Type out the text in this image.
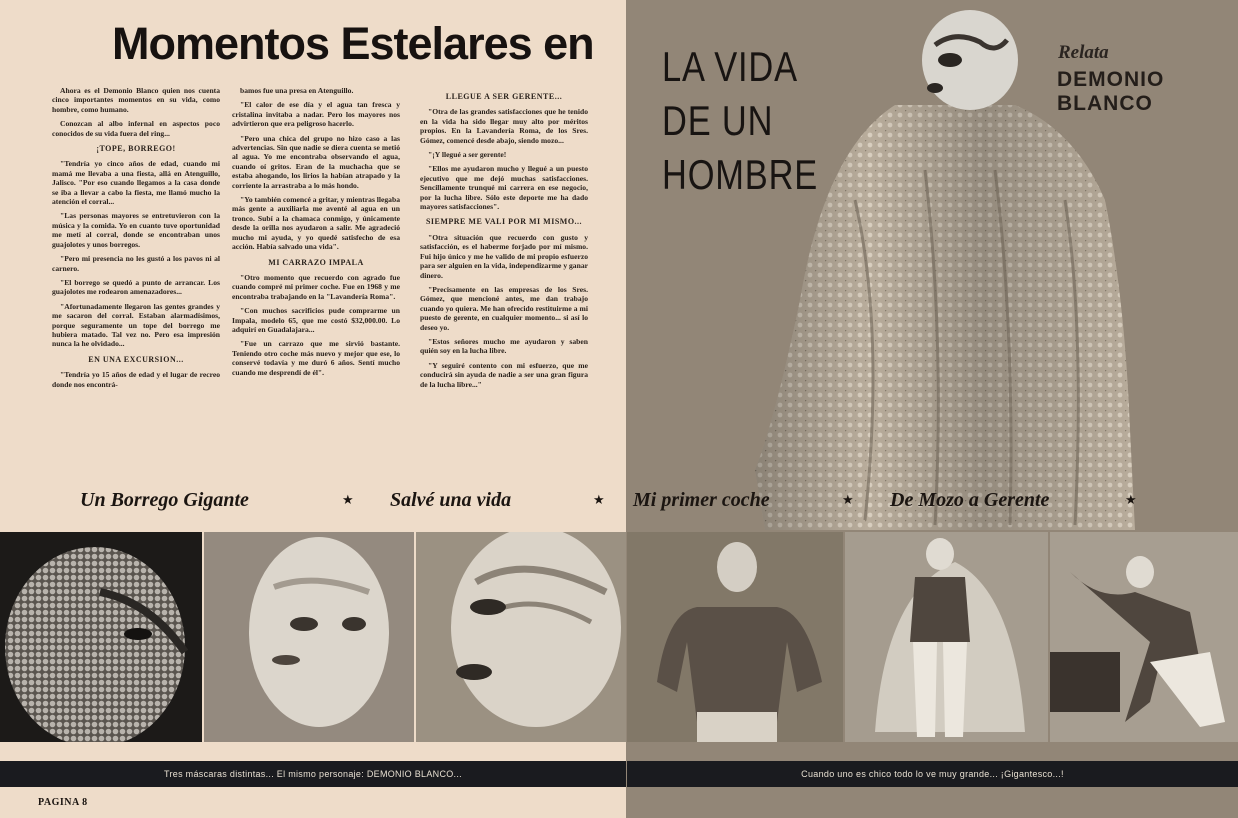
Momentos Estelares en

Ahora es el Demonio Blanco quien nos cuenta cinco importantes momentos en su vida, como hombre, como humano.

Conozcan al albo infernal en aspectos poco conocidos de su vida fuera del ring...

¡TOPE, BORREGO!

"Tendría yo cinco años de edad, cuando mi mamá me llevaba a una fiesta, allá en Atenguillo, Jalisco. "Por eso cuando llegamos a la casa donde se iba a llevar a cabo la fiesta, me llamó mucho la atención el corral...

"Las personas mayores se entretuvieron con la música y la comida. Yo en cuanto tuve oportunidad me metí al corral, donde se encontraban unos guajolotes y unos borregos.

"Pero mi presencia no les gustó a los pavos ni al carnero.

"El borrego se quedó a punto de arrancar. Los guajolotes me rodearon amenazadores...

"Afortunadamente llegaron las gentes grandes y me sacaron del corral. Estaban alarmadísimos, porque seguramente un tope del borrego me hubiera matado. Tal vez no. Pero esa impresión nunca la he olvidado...

EN UNA EXCURSION...

"Tendría yo 15 años de edad y el lugar de recreo donde nos encontrá-

bamos fue una presa en Atenguillo.

"El calor de ese día y el agua tan fresca y cristalina invitaba a nadar. Pero los mayores nos advirtieron que era peligroso hacerlo.

"Pero una chica del grupo no hizo caso a las advertencias. Sin que nadie se diera cuenta se metió al agua. Yo me encontraba observando el agua, cuando oí gritos. Eran de la muchacha que se estaba ahogando, los lirios la habían atrapado y la corriente la arrastraba a lo más hondo.

"Yo también comencé a gritar, y mientras llegaba más gente a auxiliarla me aventé al agua en un tronco. Subí a la chamaca conmigo, y únicamente desde la orilla nos ayudaron a salir. Me agradeció mucho mi ayuda, y yo quedé satisfecho de esa acción. Había salvado una vida".

MI CARRAZO IMPALA

"Otro momento que recuerdo con agrado fue cuando compré mi primer coche. Fue en 1968 y me encontraba trabajando en la "Lavandería Roma".

"Con muchos sacrificios pude comprarme un Impala, modelo 65, que me costó $32,000.00. Lo adquirí en Guadalajara...

"Fue un carrazo que me sirvió bastante. Teniendo otro coche más nuevo y mejor que ese, lo conservé todavía y me duró 6 años. Sentí mucho cuando me desprendí de él".

LLEGUE A SER GERENTE...

"Otra de las grandes satisfacciones que he tenido en la vida ha sido llegar muy alto por méritos propios. En la Lavandería Roma, de los Sres. Gómez, comencé desde abajo, siendo mozo...

"¡Y llegué a ser gerente!

"Ellos me ayudaron mucho y llegué a un puesto ejecutivo que me dejó muchas satisfacciones. Sencillamente trunqué mi carrera en ese negocio, por la lucha libre. Sólo este deporte me ha dado mayores satisfacciones".

SIEMPRE ME VALI POR MI MISMO...

"Otra situación que recuerdo con gusto y satisfacción, es el haberme forjado por mí mismo. Fui hijo único y me he valido de mi propio esfuerzo para ser alguien en la vida, independizarme y ganar dinero.

"Precisamente en las empresas de los Sres. Gómez, que mencioné antes, me dan trabajo cuando yo quiera. Me han ofrecido restituirme a mi puesto de gerente, en cualquier momento... si así lo deseo yo.

"Estos señores mucho me ayudaron y saben quién soy en la lucha libre.

"Y seguiré contento con mi esfuerzo, que me conducirá sin ayuda de nadie a ser una gran figura de la lucha libre..."

LA VIDA
DE UN
HOMBRE
Relata
DEMONIO
BLANCO
Un Borrego Gigante	★ Salvé una vida	★ Mi primer coche	★ De Mozo a Gerente	★
Tres máscaras distintas... El mismo personaje: DEMONIO BLANCO...	Cuando uno es chico todo lo ve muy grande... ¡Gigantesco...!
PAGINA 8
